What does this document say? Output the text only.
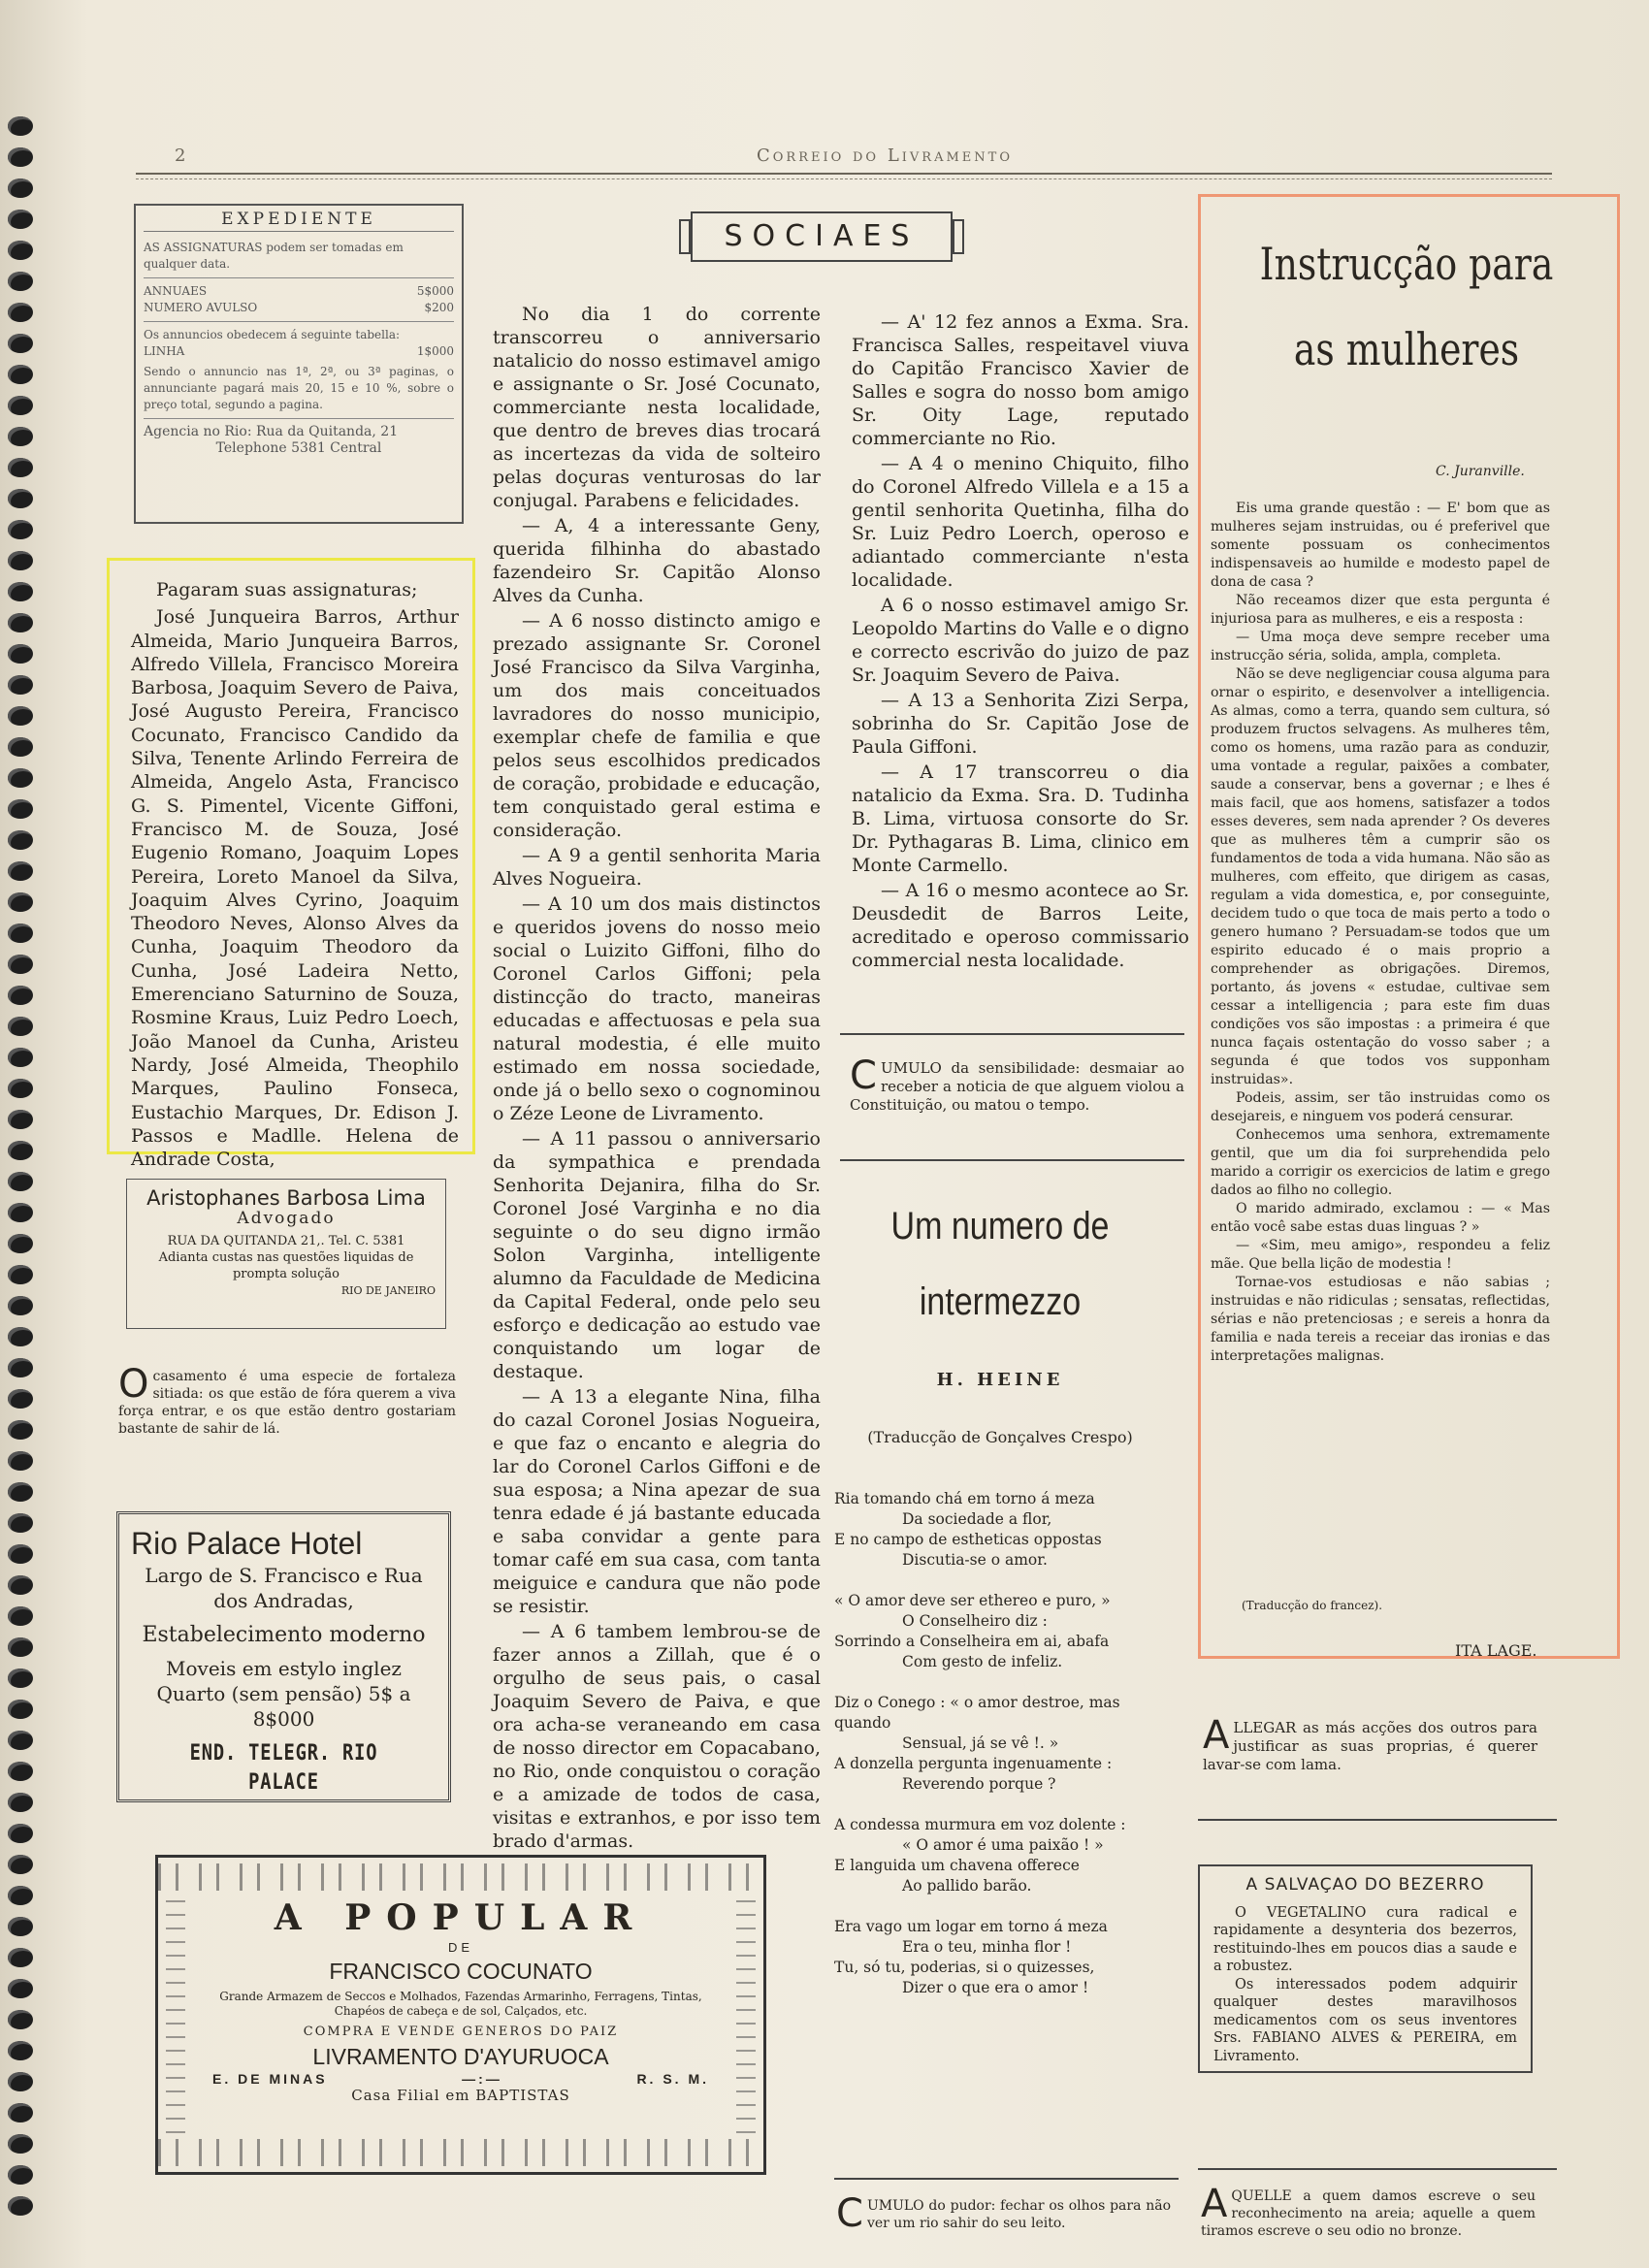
2	Correio do Livramento
EXPEDIENTE
AS ASSIGNATURAS podem ser tomadas em qualquer data.
ANNUAES	5$000
NUMERO AVULSO	$200
Os annuncios obedecem á seguinte tabella:
LINHA	1$000
Sendo o annuncio nas 1ª, 2ª, ou 3ª paginas, o annunciante pagará mais 20, 15 e 10 %, sobre o preço total, segundo a pagina.
Agencia no Rio: Rua da Quitanda, 21
Telephone 5381 Central
Pagaram suas assignaturas;
José Junqueira Barros, Arthur Almeida, Mario Junqueira Barros, Alfredo Villela, Francisco Moreira Barbosa, Joaquim Severo de Paiva, José Augusto Pereira, Francisco Cocunato, Francisco Candido da Silva, Tenente Arlindo Ferreira de Almeida, Angelo Asta, Francisco G. S. Pimentel, Vicente Giffoni, Francisco M. de Souza, José Eugenio Romano, Joaquim Lopes Pereira, Loreto Manoel da Silva, Joaquim Alves Cyrino, Joaquim Theodoro Neves, Alonso Alves da Cunha, Joaquim Theodoro da Cunha, José Ladeira Netto, Emerenciano Saturnino de Souza, Rosmine Kraus, Luiz Pedro Loech, João Manoel da Cunha, Aristeu Nardy, José Almeida, Theophilo Marques, Paulino Fonseca, Eustachio Marques, Dr. Edison J. Passos e Madlle. Helena de Andrade Costa,
Aristophanes Barbosa Lima
Advogado
RUA DA QUITANDA 21,. Tel. C. 5381
Adianta custas nas questões liquidas de prompta solução
RIO DE JANEIRO
O casamento é uma especie de fortaleza sitiada: os que estão de fóra querem a viva força entrar, e os que estão dentro gostariam bastante de sahir de lá.
Rio Palace Hotel
Largo de S. Francisco e Rua dos Andradas,
Estabelecimento moderno
Moveis em estylo inglez
Quarto (sem pensão) 5$ a 8$000
END. TELEGR. RIO PALACE
A POPULAR
DE
FRANCISCO COCUNATO
Grande Armazem de Seccos e Molhados, Fazendas Armarinho, Ferragens, Tintas, Chapéos de cabeça e de sol, Calçados, etc.
COMPRA E VENDE GENEROS DO PAIZ
LIVRAMENTO D'AYURUOCA
E. DE MINAS	—:—	R. S. M.
Casa Filial em BAPTISTAS
SOCIAES

No dia 1 do corrente transcorreu o anniversario natalicio do nosso estimavel amigo e assignante o Sr. José Cocunato, commerciante nesta localidade, que dentro de breves dias trocará as incertezas da vida de solteiro pelas doçuras venturosas do lar conjugal. Parabens e felicidades.

— A, 4 a interessante Geny, querida filhinha do abastado fazendeiro Sr. Capitão Alonso Alves da Cunha.

— A 6 nosso distincto amigo e prezado assignante Sr. Coronel José Francisco da Silva Varginha, um dos mais conceituados lavradores do nosso municipio, exemplar chefe de familia e que pelos seus escolhidos predicados de coração, probidade e educação, tem conquistado geral estima e consideração.

— A 9 a gentil senhorita Maria Alves Nogueira.

— A 10 um dos mais distinctos e queridos jovens do nosso meio social o Luizito Giffoni, filho do Coronel Carlos Giffoni; pela distincção do tracto, maneiras educadas e affectuosas e pela sua natural modestia, é elle muito estimado em nossa sociedade, onde já o bello sexo o cognominou o Zéze Leone de Livramento.

— A 11 passou o anniversario da sympathica e prendada Senhorita Dejanira, filha do Sr. Coronel José Varginha e no dia seguinte o do seu digno irmão Solon Varginha, intelligente alumno da Faculdade de Medicina da Capital Federal, onde pelo seu esforço e dedicação ao estudo vae conquistando um logar de destaque.

— A 13 a elegante Nina, filha do cazal Coronel Josias Nogueira, e que faz o encanto e alegria do lar do Coronel Carlos Giffoni e de sua esposa; a Nina apezar de sua tenra edade é já bastante educada e saba convidar a gente para tomar café em sua casa, com tanta meiguice e candura que não pode se resistir.

— A 6 tambem lembrou-se de fazer annos a Zillah, que é o orgulho de seus pais, o casal Joaquim Severo de Paiva, e que ora acha-se veraneando em casa de nosso director em Copacabano, no Rio, onde conquistou o coração e a amizade de todos de casa, visitas e extranhos, e por isso tem brado d'armas.

— A' 12 fez annos a Exma. Sra. Francisca Salles, respeitavel viuva do Capitão Francisco Xavier de Salles e sogra do nosso bom amigo Sr. Oity Lage, reputado commerciante no Rio.

— A 4 o menino Chiquito, filho do Coronel Alfredo Villela e a 15 a gentil senhorita Quetinha, filha do Sr. Luiz Pedro Loerch, operoso e adiantado commerciante n'esta localidade.

A 6 o nosso estimavel amigo Sr. Leopoldo Martins do Valle e o digno e correcto escrivão do juizo de paz Sr. Joaquim Severo de Paiva.

— A 13 a Senhorita Zizi Serpa, sobrinha do Sr. Capitão Jose de Paula Giffoni.

— A 17 transcorreu o dia natalicio da Exma. Sra. D. Tudinha B. Lima, virtuosa consorte do Sr. Dr. Pythagaras B. Lima, clinico em Monte Carmello.

— A 16 o mesmo acontece ao Sr. Deusdedit de Barros Leite, acreditado e operoso commissario commercial nesta localidade.

C UMULO da sensibilidade: desmaiar ao receber a noticia de que alguem violou a Constituição, ou matou o tempo.
Um numero de intermezzo
H. HEINE
(Traducção de Gonçalves Crespo)
Ria tomando chá em torno á meza
Da sociedade a flor,
E no campo de estheticas oppostas
Discutia-se o amor.
« O amor deve ser ethereo e puro, »
O Conselheiro diz :
Sorrindo a Conselheira em ai, abafa
Com gesto de infeliz.
Diz o Conego : « o amor destroe, mas quando
Sensual, já se vê !. »
A donzella pergunta ingenuamente :
Reverendo porque ?
A condessa murmura em voz dolente :
« O amor é uma paixão ! »
E languida um chavena offerece
Ao pallido barão.
Era vago um logar em torno á meza
Era o teu, minha flor !
Tu, só tu, poderias, si o quizesses,
Dizer o que era o amor !
C UMULO do pudor: fechar os olhos para não ver um rio sahir do seu leito.
Instrucção para
as mulheres
C. Juranville.

Eis uma grande questão : — E' bom que as mulheres sejam instruidas, ou é preferivel que somente possuam os conhecimentos indispensaveis ao humilde e modesto papel de dona de casa ?

Não receamos dizer que esta pergunta é injuriosa para as mulheres, e eis a resposta :

— Uma moça deve sempre receber uma instrucção séria, solida, ampla, completa.

Não se deve negligenciar cousa alguma para ornar o espirito, e desenvolver a intelligencia. As almas, como a terra, quando sem cultura, só produzem fructos selvagens. As mulheres têm, como os homens, uma razão para as conduzir, uma vontade a regular, paixões a combater, saude a conservar, bens a governar ; e lhes é mais facil, que aos homens, satisfazer a todos esses deveres, sem nada aprender ? Os deveres que as mulheres têm a cumprir são os fundamentos de toda a vida humana. Não são as mulheres, com effeito, que dirigem as casas, regulam a vida domestica, e, por conseguinte, decidem tudo o que toca de mais perto a todo o genero humano ? Persuadam-se todos que um espirito educado é o mais proprio a comprehender as obrigações. Diremos, portanto, ás jovens « estudae, cultivae sem cessar a intelligencia ; para este fim duas condições vos são impostas : a primeira é que nunca façais ostentação do vosso saber ; a segunda é que todos vos supponham instruidas».

Podeis, assim, ser tão instruidas como os desejareis, e ninguem vos poderá censurar.

Conhecemos uma senhora, extremamente gentil, que um dia foi surprehendida pelo marido a corrigir os exercicios de latim e grego dados ao filho no collegio.

O marido admirado, exclamou : — « Mas então você sabe estas duas linguas ? »

— «Sim, meu amigo», respondeu a feliz mãe. Que bella lição de modestia !

Tornae-vos estudiosas e não sabias ; instruidas e não ridiculas ; sensatas, reflectidas, sérias e não pretenciosas ; e sereis a honra da familia e nada tereis a receiar das ironias e das interpretações malignas.

(Traducção do francez).
ITA LAGE.
A LLEGAR as más acções dos outros para justificar as suas proprias, é querer lavar-se com lama.
A SALVAÇAO DO BEZERRO
O VEGETALINO cura radical e rapidamente a desynteria dos bezerros, restituindo-lhes em poucos dias a saude e a robustez.
Os interessados podem adquirir qualquer destes maravilhosos medicamentos com os seus inventores Srs. FABIANO ALVES & PEREIRA, em Livramento.
A QUELLE a quem damos escreve o seu reconhecimento na areia; aquelle a quem tiramos escreve o seu odio no bronze.
